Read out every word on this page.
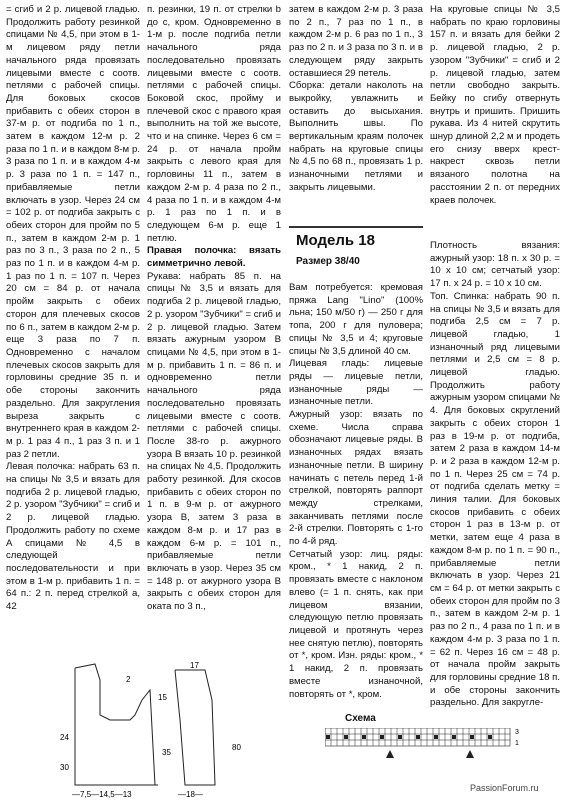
= сгиб и 2 р. лицевой гладью. Продолжить работу резинкой спицами № 4,5, при этом в 1-м лицевом ряду петли начального ряда провязать лицевыми вместе с соотв. петлями с рабочей спицы. Для боковых скосов прибавить с обеих сторон в 37-м р. от подгиба по 1 п., затем в каждом 12-м р. 2 раза по 1 п. и в каждом 8-м р. 3 раза по 1 п. и в каждом 4-м р. 3 раза по 1 п. = 147 п., прибавляемые петли включать в узор. Через 24 см = 102 р. от подгиба закрыть с обеих сторон для пройм по 5 п., затем в каждом 2-м р. 1 раз по 3 п., 3 раза по 2 п., 5 раз по 1 п. и в каждом 4-м р. 1 раз по 1 п. = 107 п. Через 20 см = 84 р. от начала пройм закрыть с обеих сторон для плечевых скосов по 6 п., затем в каждом 2-м р. еще 3 раза по 7 п. Одновременно с началом плечевых скосов закрыть для горловины средние 35 п. и обе стороны закончить раздельно. Для закругления выреза закрыть с внутреннего края в каждом 2-м р. 1 раз 4 п., 1 раз 3 п. и 1 раз 2 петли.

Левая полочка: набрать 63 п. на спицы № 3,5 и вязать для подгиба 2 р. лицевой гладью, 2 р. узором "Зубчики" = сгиб и 2 р. лицевой гладью. Продолжить работу по схеме А спицами № 4,5 в следующей последовательности и при этом в 1-м р. прибавить 1 п. = 64 п.: 2 п. перед стрелкой а, 42

п. резинки, 19 п. от стрелки b до c, кром. Одновременно в 1-м р. после подгиба петли начального ряда последовательно провязать лицевыми вместе с соотв. петлями с рабочей спицы. Боковой скос, пройму и плечевой скос с правого края выполнить на той же высоте, что и на спинке. Через 6 см = 24 р. от начала пройм закрыть с левого края для горловины 11 п., затем в каждом 2-м р. 4 раза по 2 п., 4 раза по 1 п. и в каждом 4-м р. 1 раз по 1 п. и в следующем 6-м р. еще 1 петлю.

Правая полочка: вязать симметрично левой.

Рукава: набрать 85 п. на спицы № 3,5 и вязать для подгиба 2 р. лицевой гладью, 2 р. узором "Зубчики" = сгиб и 2 р. лицевой гладью. Затем вязать ажурным узором В спицами № 4,5, при этом в 1-м р. прибавить 1 п. = 86 п. и одновременно петли начального ряда последовательно провязать лицевыми вместе с соотв. петлями с рабочей спицы. После 38-го р. ажурного узора В вязать 10 р. резинкой на спицах № 4,5. Продолжить работу резинкой. Для скосов прибавить с обеих сторон по 1 п. в 9-м р. от ажурного узора В, затем 3 раза в каждом 8-м р. и 17 раз в каждом 6-м р. = 101 п., прибавляемые петли включать в узор. Через 35 см = 148 р. от ажурного узора В закрыть с обеих сторон для оката по 3 п.,

затем в каждом 2-м р. 3 раза по 2 п., 7 раз по 1 п., в каждом 2-м р. 6 раз по 1 п., 3 раз по 2 п. и 3 раза по 3 п. и в следующем ряду закрыть оставшиеся 29 петель.

Сборка: детали наколоть на выкройку, увлажнить и оставить до высыхания. Выполнить швы. По вертикальным краям полочек набрать на круговые спицы № 4,5 по 68 п., провязать 1 р. изнаночными петлями и закрыть лицевыми.

Модель 18
Размер 38/40

Вам потребуется: кремовая пряжа Lang "Lino" (100% льна; 150 м/50 г) — 250 г для топа, 200 г для пуловера; спицы № 3,5 и 4; круговые спицы № 3,5 длиной 40 см.

Лицевая гладь: лицевые ряды — лицевые петли, изнаночные ряды — изнаночные петли.

Ажурный узор: вязать по схеме. Числа справа обозначают лицевые ряды. В изнаночных рядах вязать изнаночные петли. В ширину начинать с петель перед 1-й стрелкой, повторять раппорт между стрелками, заканчивать петлями после 2-й стрелки. Повторять с 1-го по 4-й ряд.

Сетчатый узор: лиц. ряды: кром., * 1 накид, 2 п. провязать вместе с наклоном влево (= 1 п. снять, как при лицевом вязании, следующую петлю провязать лицевой и протянуть через нее снятую петлю), повторять от *, кром. Изн. ряды: кром., * 1 накид, 2 п. провязать вместе изнаночной, повторять от *, кром.

На круговые спицы № 3,5 набрать по краю горловины 157 п. и вязать для бейки 2 р. лицевой гладью, 2 р. узором "Зубчики" = сгиб и 2 р. лицевой гладью, затем петли свободно закрыть. Бейку по сгибу отвернуть внутрь и пришить. Пришить рукава. Из 4 нитей скрутить шнур длиной 2,2 м и продеть его снизу вверх крест-накрест сквозь петли вязаного полотна на расстоянии 2 п. от передних краев полочек.

Плотность вязания: ажурный узор: 18 п. x 30 р. = 10 x 10 см; сетчатый узор: 17 п. x 24 р. = 10 x 10 см.

Топ. Спинка: набрать 90 п. на спицы № 3,5 и вязать для подгиба 2,5 см = 7 р. лицевой гладью, 1 изнаночный ряд лицевыми петлями и 2,5 см = 8 р. лицевой гладью. Продолжить работу ажурным узором спицами № 4. Для боковых скруглений закрыть с обеих сторон 1 раз в 19-м р. от подгиба, затем 2 раза в каждом 14-м р. и 2 раза в каждом 12-м р. по 1 п. Через 25 см = 74 р. от подгиба сделать метку = линия талии. Для боковых скосов прибавить с обеих сторон 1 раз в 13-м р. от метки, затем еще 4 раза в каждом 8-м р. по 1 п. = 90 п., прибавляемые петли включать в узор. Через 21 см = 64 р. от метки закрыть с обеих сторон для пройм по 3 п., затем в каждом 2-м р. 1 раз по 2 п., 4 раза по 1 п. и в каждом 4-м р. 3 раза по 1 п. = 62 п. Через 16 см = 48 р. от начала пройм закрыть для горловины средние 18 п. и обе стороны закончить раздельно. Для закругле-

17
—7,5—14,5—13
30
24
35
80
—18—
15
2
Схема
3
1
PassionForum.ru
